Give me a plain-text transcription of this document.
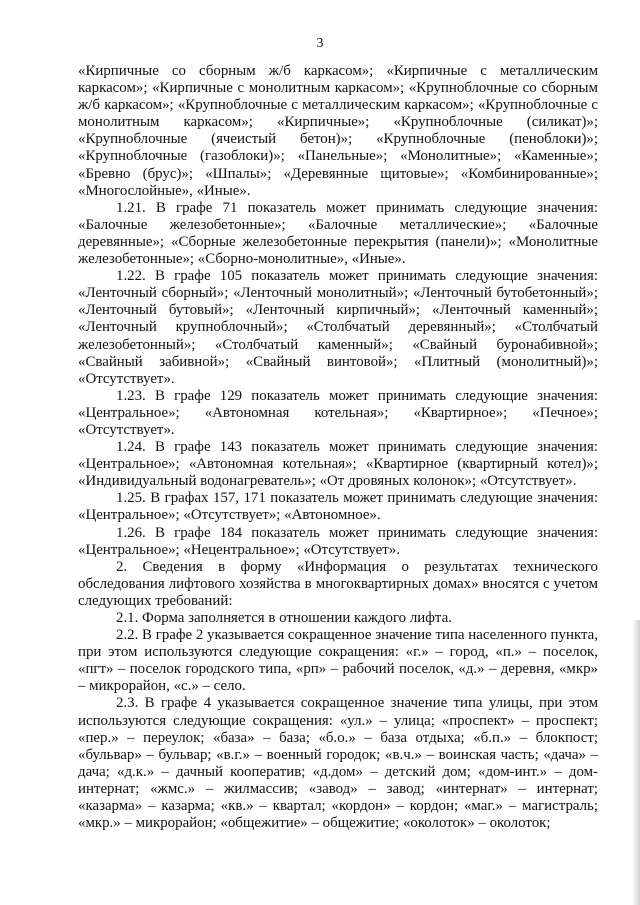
3

«Кирпичные со сборным ж/б каркасом»; «Кирпичные с металлическим каркасом»; «Кирпичные с монолитным каркасом»; «Крупноблочные со сборным ж/б каркасом»; «Крупноблочные с металлическим каркасом»; «Крупноблочные с монолитным каркасом»; «Кирпичные»; «Крупноблочные (силикат)»; «Крупноблочные (ячеистый бетон)»; «Крупноблочные (пеноблоки)»; «Крупноблочные (газоблоки)»; «Панельные»; «Монолитные»; «Каменные»; «Бревно (брус)»; «Шпалы»; «Деревянные щитовые»; «Комбинированные»; «Многослойные», «Иные».

1.21. В графе 71 показатель может принимать следующие значения: «Балочные железобетонные»; «Балочные металлические»; «Балочные деревянные»; «Сборные железобетонные перекрытия (панели)»; «Монолитные железобетонные»; «Сборно-монолитные», «Иные».

1.22. В графе 105 показатель может принимать следующие значения: «Ленточный сборный»; «Ленточный монолитный»; «Ленточный бутобетонный»; «Ленточный бутовый»; «Ленточный кирпичный»; «Ленточный каменный»; «Ленточный крупноблочный»; «Столбчатый деревянный»; «Столбчатый железобетонный»; «Столбчатый каменный»; «Свайный буронабивной»; «Свайный забивной»; «Свайный винтовой»; «Плитный (монолитный)»; «Отсутствует».

1.23. В графе 129 показатель может принимать следующие значения: «Центральное»; «Автономная котельная»; «Квартирное»; «Печное»; «Отсутствует».

1.24. В графе 143 показатель может принимать следующие значения: «Центральное»; «Автономная котельная»; «Квартирное (квартирный котел)»; «Индивидуальный водонагреватель»; «От дровяных колонок»; «Отсутствует».

1.25. В графах 157, 171 показатель может принимать следующие значения: «Центральное»; «Отсутствует»; «Автономное».

1.26. В графе 184 показатель может принимать следующие значения: «Центральное»; «Нецентральное»; «Отсутствует».

2. Сведения в форму «Информация о результатах технического обследования лифтового хозяйства в многоквартирных домах» вносятся с учетом следующих требований:

2.1. Форма заполняется в отношении каждого лифта.

2.2. В графе 2 указывается сокращенное значение типа населенного пункта, при этом используются следующие сокращения: «г.» – город, «п.» – поселок, «пгт» – поселок городского типа, «рп» – рабочий поселок, «д.» – деревня, «мкр» – микрорайон, «с.» – село.

2.3. В графе 4 указывается сокращенное значение типа улицы, при этом используются следующие сокращения: «ул.» – улица; «проспект» – проспект; «пер.» – переулок; «база» – база; «б.о.» – база отдыха; «б.п.» – блокпост; «бульвар» – бульвар; «в.г.» – военный городок; «в.ч.» – воинская часть; «дача» – дача; «д.к.» – дачный кооператив; «д.дом» – детский дом; «дом-инт.» – дом-интернат; «жмс.» – жилмассив; «завод» – завод; «интернат» – интернат; «казарма» – казарма; «кв.» – квартал; «кордон» – кордон; «маг.» – магистраль; «мкр.» – микрорайон; «общежитие» – общежитие; «околоток» – околоток;
